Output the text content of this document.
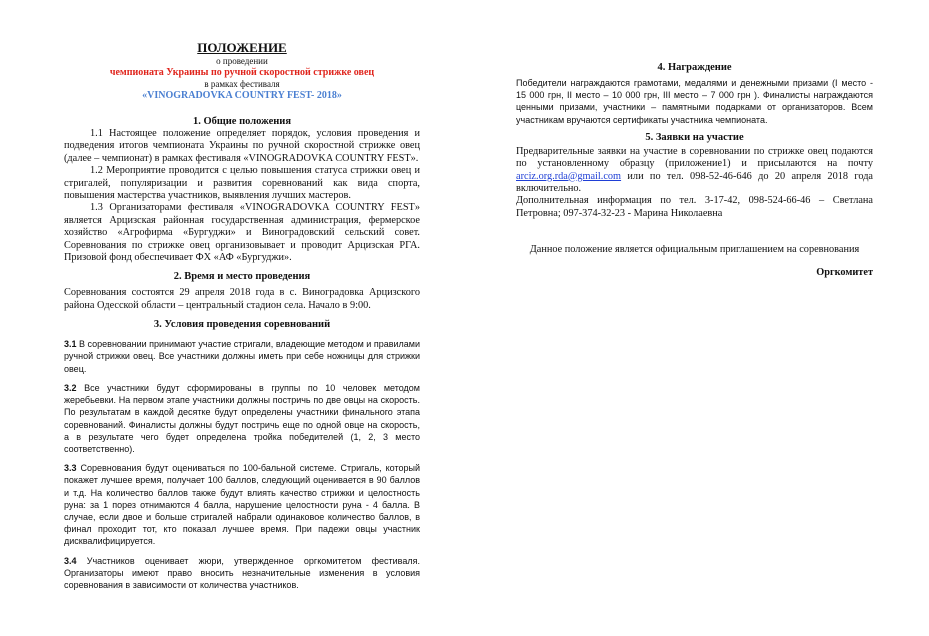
ПОЛОЖЕНИЕ
о проведении
чемпионата Украины по ручной скоростной стрижке овец
в рамках фестиваля
«VINOGRADOVKA COUNTRY FEST- 2018»
1. Общие положения

1.1 Настоящее положение определяет порядок, условия проведения и подведения итогов чемпионата Украины по ручной скоростной стрижке овец (далее – чемпионат) в рамках фестиваля «VINOGRADOVKA COUNTRY FEST».

1.2 Мероприятие проводится с целью повышения статуса стрижки овец и стригалей, популяризации и развития соревнований как вида спорта, повышения мастерства участников, выявления лучших мастеров.

1.3 Организаторами фестиваля «VINOGRADOVKA COUNTRY FEST» является Арцизская районная государственная администрация, фермерское хозяйство «Агрофирма «Бургуджи» и Виноградовский сельский совет. Соревнования по стрижке овец организовывает и проводит Арцизская РГА. Призовой фонд обеспечивает ФХ «АФ «Бургуджи».

2. Время и место проведения

Соревнования состоятся 29 апреля 2018 года в с. Виноградовка Арцизского района Одесской области – центральный стадион села. Начало в 9:00.

3. Условия проведения соревнований

3.1 В соревновании принимают участие стригали, владеющие методом и правилами ручной стрижки овец. Все участники должны иметь при себе ножницы для стрижки овец.

3.2 Все участники будут сформированы в группы по 10 человек методом жеребьевки. На первом этапе участники должны постричь по две овцы на скорость. По результатам в каждой десятке будут определены участники финального этапа соревнований. Финалисты должны будут постричь еще по одной овце на скорость, а в результате чего будет определена тройка победителей (1, 2, 3 место соответственно).

3.3 Соревнования будут оцениваться по 100-бальной системе. Стригаль, который покажет лучшее время, получает 100 баллов, следующий оценивается в 90 баллов и т.д. На количество баллов также будут влиять качество стрижки и целостность руна: за 1 порез отнимаются 4 балла, нарушение целостности руна - 4 балла. В случае, если двое и больше стригалей набрали одинаковое количество баллов, в финал проходит тот, кто показал лучшее время. При падежи овцы участник дисквалифицируется.

3.4 Участников оценивает жюри, утвержденное оргкомитетом фестиваля. Организаторы имеют право вносить незначительные изменения в условия соревнования в зависимости от количества участников.

4. Награждение

Победители награждаются грамотами, медалями и денежными призами (I место - 15 000 грн, II место – 10 000 грн, III место – 7 000 грн ). Финалисты награждаются ценными призами, участники – памятными подарками от организаторов. Всем участникам вручаются сертификаты участника чемпионата.

5. Заявки на участие

Предварительные заявки на участие в соревновании по стрижке овец подаются по установленному образцу (приложение1) и присылаются на почту arciz.org.rda@gmail.com или по тел. 098-52-46-646 до 20 апреля 2018 года включительно.

Дополнительная информация по тел. 3-17-42, 098-524-66-46 – Светлана Петровна; 097-374-32-23 - Марина Николаевна

Данное положение является официальным приглашением на соревнования

Оргкомитет
